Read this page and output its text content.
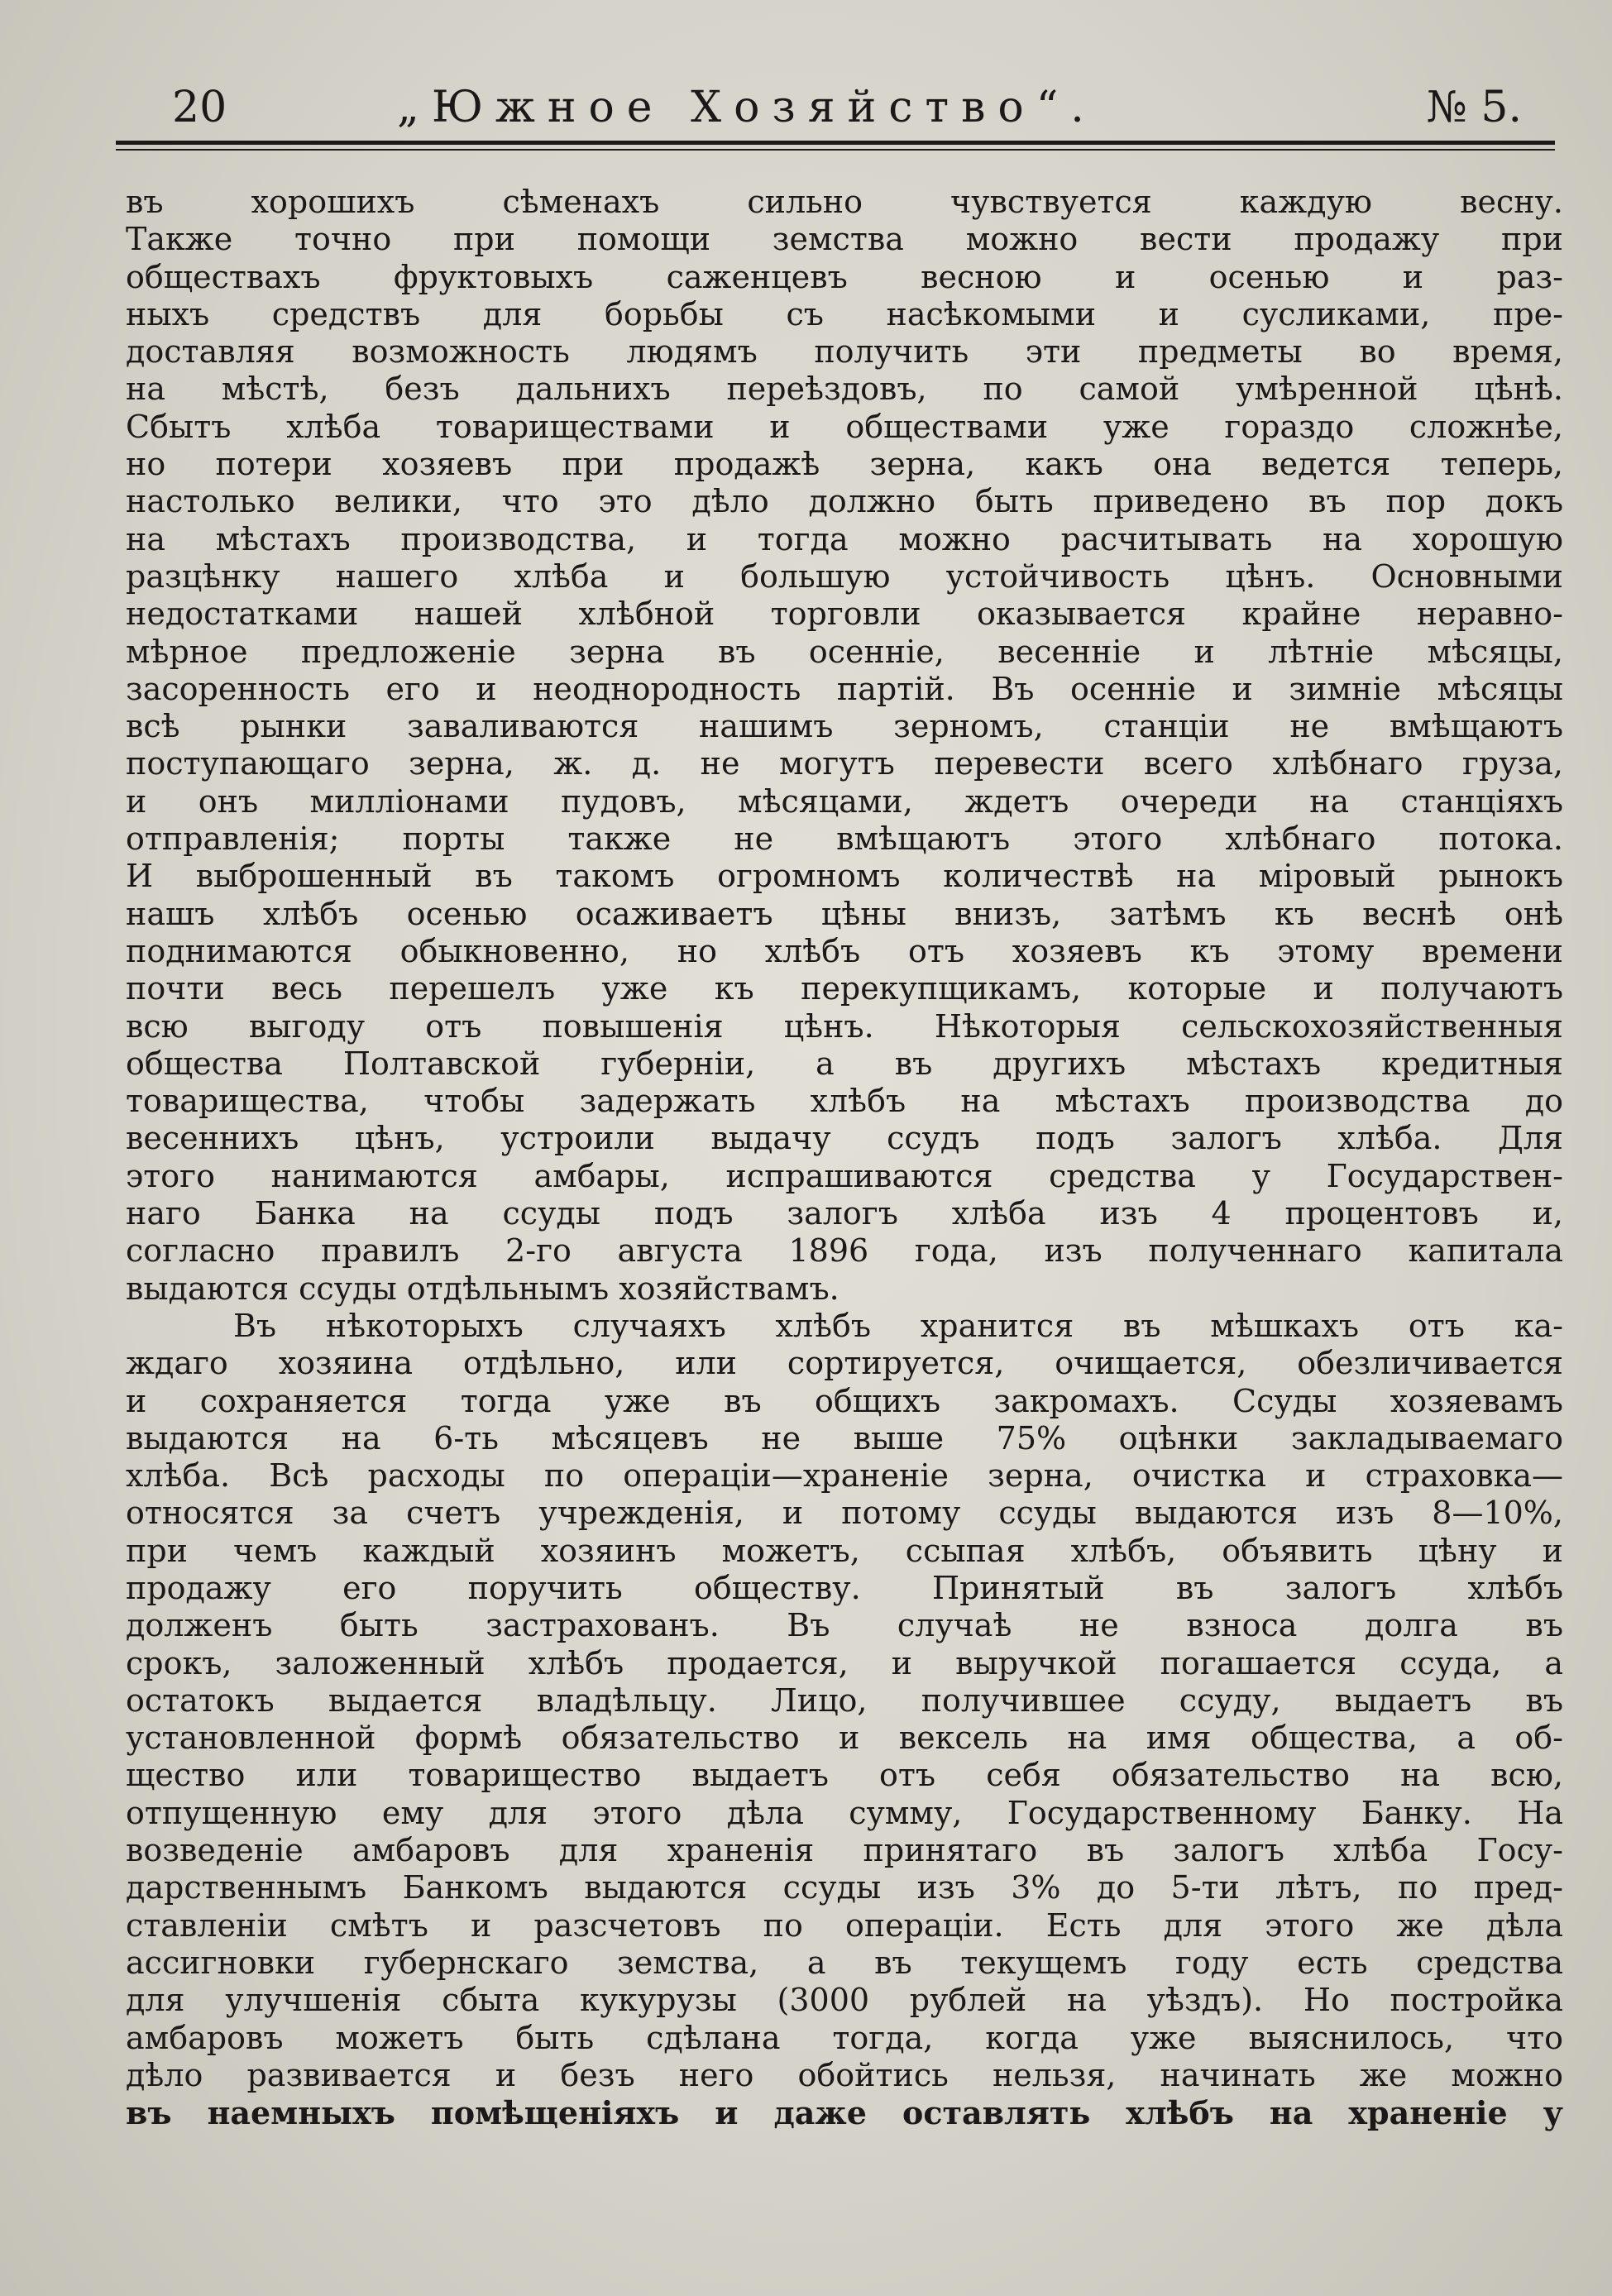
20	„Южное Хозяйство“.	№ 5.
въ хорошихъ сѣменахъ сильно чувствуется каждую весну.
Также точно при помощи земства можно вести продажу при
обществахъ фруктовыхъ саженцевъ весною и осенью и раз-
ныхъ средствъ для борьбы съ насѣкомыми и сусликами, пре-
доставляя возможность людямъ получить эти предметы во время,
на мѣстѣ, безъ дальнихъ переѣздовъ, по самой умѣренной цѣнѣ.
Сбытъ хлѣба товариществами и обществами уже гораздо сложнѣе,
но потери хозяевъ при продажѣ зерна, какъ она ведется теперь,
настолько велики, что это дѣло должно быть приведено въ пор докъ
на мѣстахъ производства, и тогда можно расчитывать на хорошую
разцѣнку нашего хлѣба и большую устойчивость цѣнъ. Основными
недостатками нашей хлѣбной торговли оказывается крайне неравно-
мѣрное предложеніе зерна въ осенніе, весенніе и лѣтніе мѣсяцы,
засоренность его и неоднородность партій. Въ осенніе и зимніе мѣсяцы
всѣ рынки заваливаются нашимъ зерномъ, станціи не вмѣщаютъ
поступающаго зерна, ж. д. не могутъ перевести всего хлѣбнаго груза,
и онъ милліонами пудовъ, мѣсяцами, ждетъ очереди на станціяхъ
отправленія; порты также не вмѣщаютъ этого хлѣбнаго потока.
И выброшенный въ такомъ огромномъ количествѣ на міровый рынокъ
нашъ хлѣбъ осенью осаживаетъ цѣны внизъ, затѣмъ къ веснѣ онѣ
поднимаются обыкновенно, но хлѣбъ отъ хозяевъ къ этому времени
почти весь перешелъ уже къ перекупщикамъ, которые и получаютъ
всю выгоду отъ повышенія цѣнъ. Нѣкоторыя сельскохозяйственныя
общества Полтавской губерніи, а въ другихъ мѣстахъ кредитныя
товарищества, чтобы задержать хлѣбъ на мѣстахъ производства до
весеннихъ цѣнъ, устроили выдачу ссудъ подъ залогъ хлѣба. Для
этого нанимаются амбары, испрашиваются средства у Государствен-
наго Банка на ссуды подъ залогъ хлѣба изъ 4 процентовъ и,
согласно правилъ 2-го августа 1896 года, изъ полученнаго капитала
выдаются ссуды отдѣльнымъ хозяйствамъ.
Въ нѣкоторыхъ случаяхъ хлѣбъ хранится въ мѣшкахъ отъ ка-
ждаго хозяина отдѣльно, или сортируется, очищается, обезличивается
и сохраняется тогда уже въ общихъ закромахъ. Ссуды хозяевамъ
выдаются на 6-ть мѣсяцевъ не выше 75% оцѣнки закладываемаго
хлѣба. Всѣ расходы по операціи—храненіе зерна, очистка и страховка—
относятся за счетъ учрежденія, и потому ссуды выдаются изъ 8—10%,
при чемъ каждый хозяинъ можетъ, ссыпая хлѣбъ, объявить цѣну и
продажу его поручить обществу. Принятый въ залогъ хлѣбъ
долженъ быть застрахованъ. Въ случаѣ не взноса долга въ
срокъ, заложенный хлѣбъ продается, и выручкой погашается ссуда, а
остатокъ выдается владѣльцу. Лицо, получившее ссуду, выдаетъ въ
установленной формѣ обязательство и вексель на имя общества, а об-
щество или товарищество выдаетъ отъ себя обязательство на всю,
отпущенную ему для этого дѣла сумму, Государственному Банку. На
возведеніе амбаровъ для храненія принятаго въ залогъ хлѣба Госу-
дарственнымъ Банкомъ выдаются ссуды изъ 3% до 5-ти лѣтъ, по пред-
ставленіи смѣтъ и разсчетовъ по операціи. Есть для этого же дѣла
ассигновки губернскаго земства, а въ текущемъ году есть средства
для улучшенія сбыта кукурузы (3000 рублей на уѣздъ). Но постройка
амбаровъ можетъ быть сдѣлана тогда, когда уже выяснилось, что
дѣло развивается и безъ него обойтись нельзя, начинать же можно
въ наемныхъ помѣщеніяхъ и даже оставлять хлѣбъ на храненіе у
